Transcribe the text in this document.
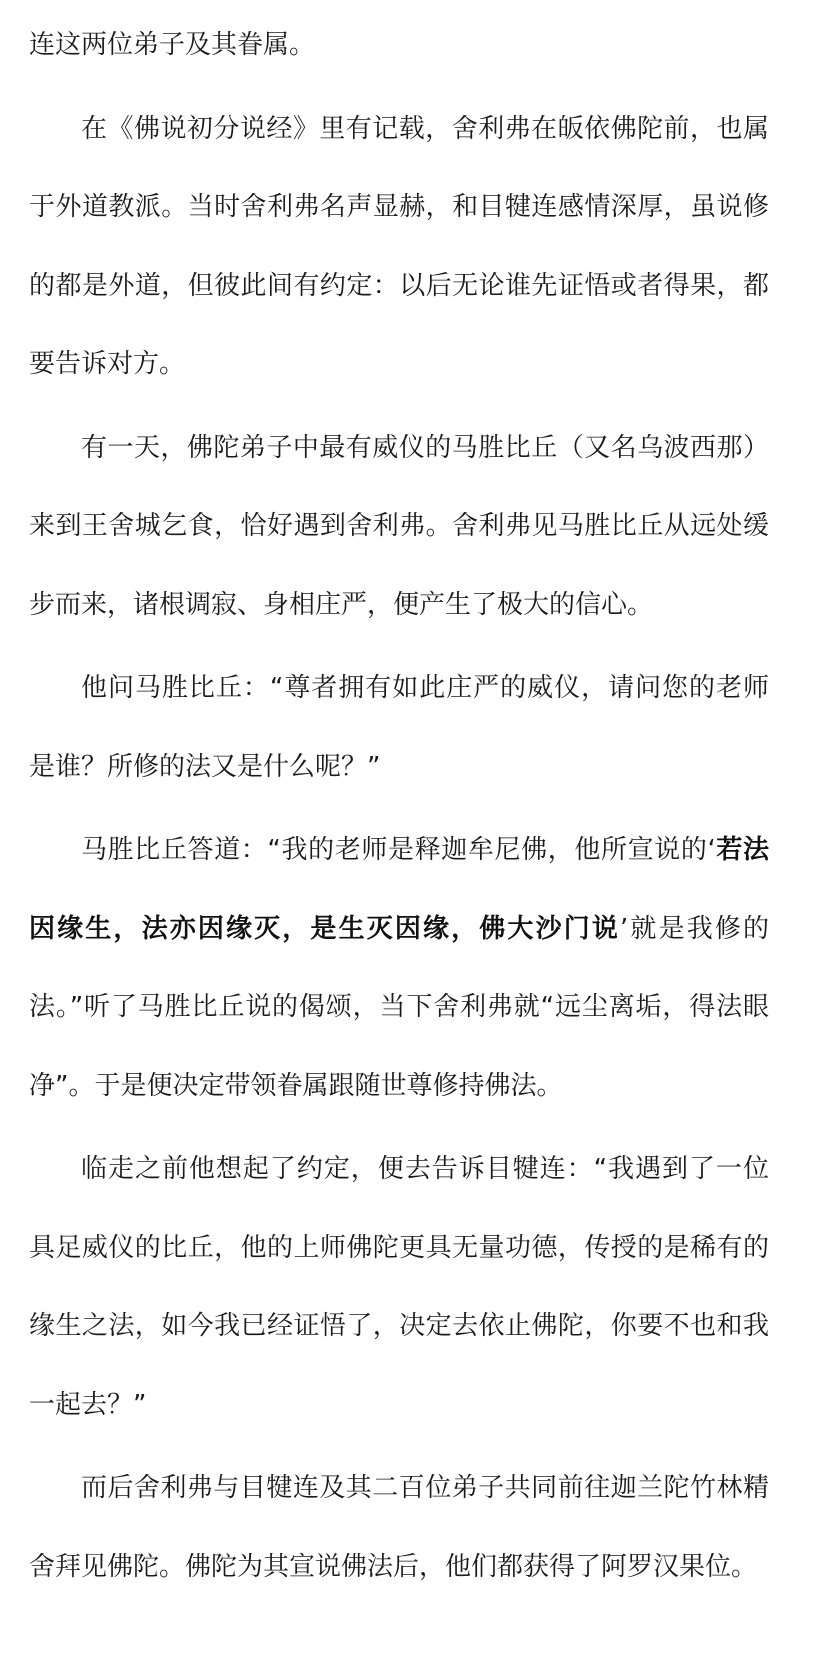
连这两位弟子及其眷属。

在《佛说初分说经》里有记载，舍利弗在皈依佛陀前，也属于外道教派。当时舍利弗名声显赫，和目犍连感情深厚，虽说修的都是外道，但彼此间有约定：以后无论谁先证悟或者得果，都要告诉对方。

有一天，佛陀弟子中最有威仪的马胜比丘（又名乌波西那）来到王舍城乞食，恰好遇到舍利弗。舍利弗见马胜比丘从远处缓步而来，诸根调寂、身相庄严，便产生了极大的信心。

他问马胜比丘：“尊者拥有如此庄严的威仪，请问您的老师是谁？所修的法又是什么呢？”

马胜比丘答道：“我的老师是释迦牟尼佛，他所宣说的‘若法因缘生，法亦因缘灭，是生灭因缘，佛大沙门说’就是我修的法。”听了马胜比丘说的偈颂，当下舍利弗就“远尘离垢，得法眼净”。于是便决定带领眷属跟随世尊修持佛法。

临走之前他想起了约定，便去告诉目犍连：“我遇到了一位具足威仪的比丘，他的上师佛陀更具无量功德，传授的是稀有的缘生之法，如今我已经证悟了，决定去依止佛陀，你要不也和我一起去？”

而后舍利弗与目犍连及其二百位弟子共同前往迦兰陀竹林精舍拜见佛陀。佛陀为其宣说佛法后，他们都获得了阿罗汉果位。
